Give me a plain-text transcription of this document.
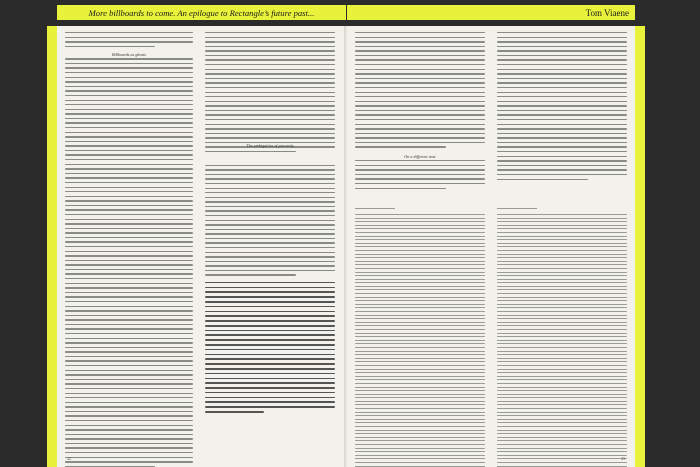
More billboards to come. An epilogue to Rectangle’s future past...	Tom Viaene
Billboards as ghosts
The ambiguities of precarity
42
On a different note
43
